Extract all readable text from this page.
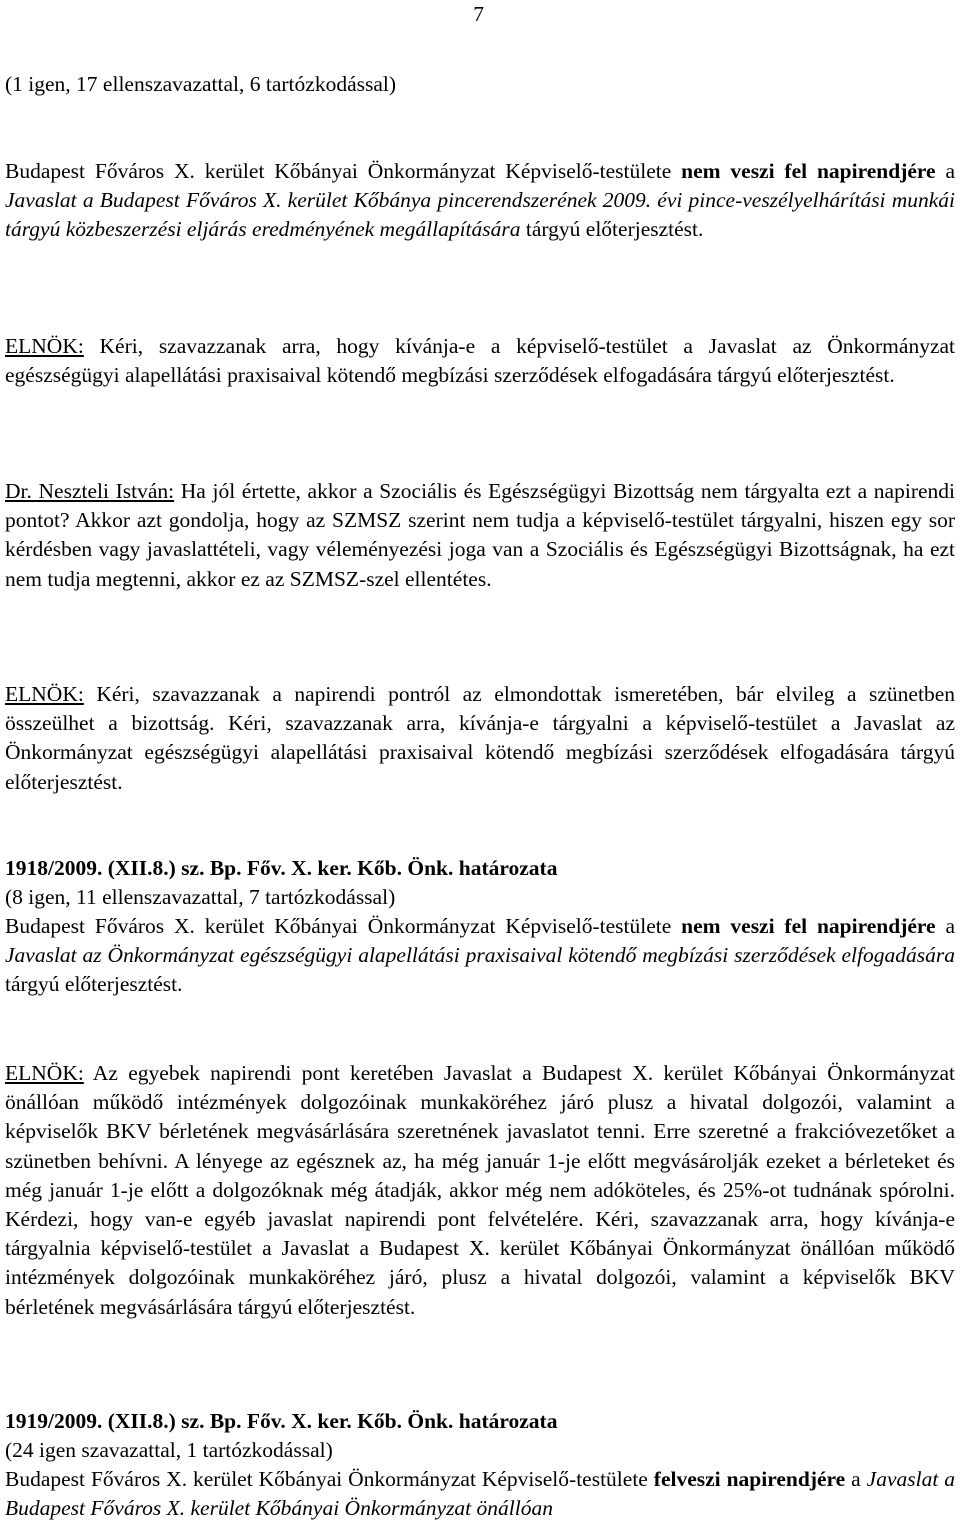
7

(1 igen, 17 ellenszavazattal, 6 tartózkodással)

Budapest Főváros X. kerület Kőbányai Önkormányzat Képviselő-testülete nem veszi fel napirendjére a Javaslat a Budapest Főváros X. kerület Kőbánya pincerendszerének 2009. évi pince-veszélyelhárítási munkái tárgyú közbeszerzési eljárás eredményének megállapítására tárgyú előterjesztést.

ELNÖK: Kéri, szavazzanak arra, hogy kívánja-e a képviselő-testület a Javaslat az Önkormányzat egészségügyi alapellátási praxisaival kötendő megbízási szerződések elfogadására tárgyú előterjesztést.

Dr. Neszteli István: Ha jól értette, akkor a Szociális és Egészségügyi Bizottság nem tárgyalta ezt a napirendi pontot? Akkor azt gondolja, hogy az SZMSZ szerint nem tudja a képviselő-testület tárgyalni, hiszen egy sor kérdésben vagy javaslattételi, vagy véleményezési joga van a Szociális és Egészségügyi Bizottságnak, ha ezt nem tudja megtenni, akkor ez az SZMSZ-szel ellentétes.

ELNÖK: Kéri, szavazzanak a napirendi pontról az elmondottak ismeretében, bár elvileg a szünetben összeülhet a bizottság. Kéri, szavazzanak arra, kívánja-e tárgyalni a képviselő-testület a Javaslat az Önkormányzat egészségügyi alapellátási praxisaival kötendő megbízási szerződések elfogadására tárgyú előterjesztést.

1918/2009. (XII.8.) sz. Bp. Főv. X. ker. Kőb. Önk. határozata

(8 igen, 11 ellenszavazattal, 7 tartózkodással)

Budapest Főváros X. kerület Kőbányai Önkormányzat Képviselő-testülete nem veszi fel napirendjére a Javaslat az Önkormányzat egészségügyi alapellátási praxisaival kötendő megbízási szerződések elfogadására tárgyú előterjesztést.

ELNÖK: Az egyebek napirendi pont keretében Javaslat a Budapest X. kerület Kőbányai Önkormányzat önállóan működő intézmények dolgozóinak munkaköréhez járó plusz a hivatal dolgozói, valamint a képviselők BKV bérletének megvásárlására szeretnének javaslatot tenni. Erre szeretné a frakcióvezetőket a szünetben behívni. A lényege az egésznek az, ha még január 1-je előtt megvásárolják ezeket a bérleteket és még január 1-je előtt a dolgozóknak még átadják, akkor még nem adóköteles, és 25%-ot tudnának spórolni. Kérdezi, hogy van-e egyéb javaslat napirendi pont felvételére. Kéri, szavazzanak arra, hogy kívánja-e tárgyalnia képviselő-testület a Javaslat a Budapest X. kerület Kőbányai Önkormányzat önállóan működő intézmények dolgozóinak munkaköréhez járó, plusz a hivatal dolgozói, valamint a képviselők BKV bérletének megvásárlására tárgyú előterjesztést.

1919/2009. (XII.8.) sz. Bp. Főv. X. ker. Kőb. Önk. határozata

(24 igen szavazattal, 1 tartózkodással)

Budapest Főváros X. kerület Kőbányai Önkormányzat Képviselő-testülete felveszi napirendjére a Javaslat a Budapest Főváros X. kerület Kőbányai Önkormányzat önállóan
